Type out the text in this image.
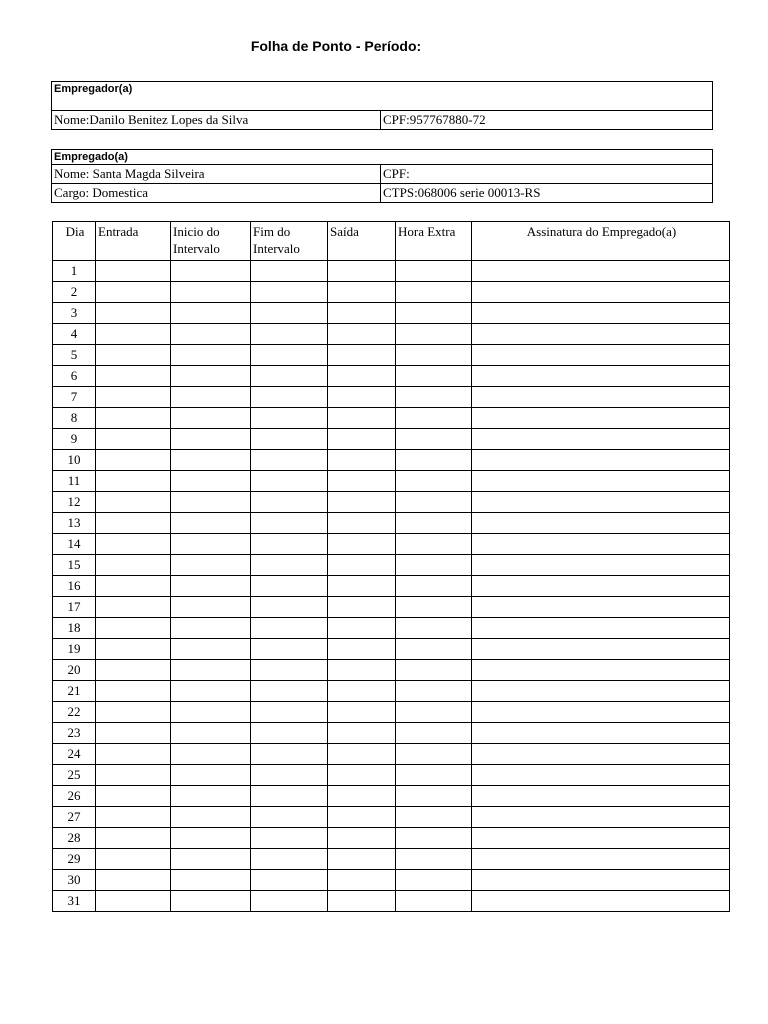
Folha de Ponto - Período:
Empregador(a)
Nome:Danilo Benitez Lopes da Silva	CPF:957767880-72
Empregado(a)	
Nome: Santa Magda Silveira	CPF:
Cargo: Domestica	CTPS:068006 serie 00013-RS
Dia	Entrada	Inicio do Intervalo	Fim do Intervalo	Saída	Hora Extra	Assinatura do Empregado(a)
1						
2						
3						
4						
5						
6						
7						
8						
9						
10						
11						
12						
13						
14						
15						
16						
17						
18						
19						
20						
21						
22						
23						
24						
25						
26						
27						
28						
29						
30						
31						
